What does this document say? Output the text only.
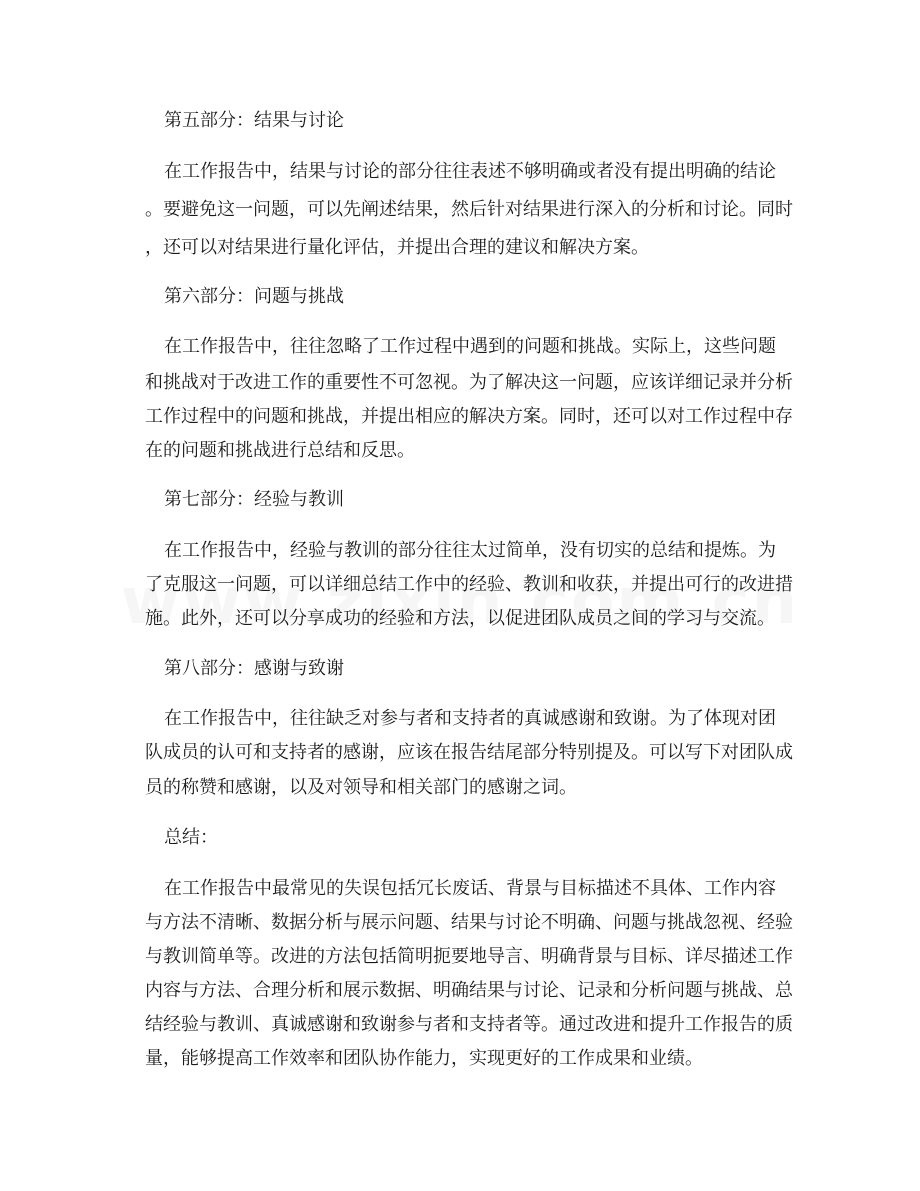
第五部分：结果与讨论
在工作报告中，结果与讨论的部分往往表述不够明确或者没有提出明确的结论
。要避免这一问题，可以先阐述结果，然后针对结果进行深入的分析和讨论。同时
，还可以对结果进行量化评估，并提出合理的建议和解决方案。
第六部分：问题与挑战
在工作报告中，往往忽略了工作过程中遇到的问题和挑战。实际上，这些问题
和挑战对于改进工作的重要性不可忽视。为了解决这一问题，应该详细记录并分析
工作过程中的问题和挑战，并提出相应的解决方案。同时，还可以对工作过程中存
在的问题和挑战进行总结和反思。
第七部分：经验与教训
在工作报告中，经验与教训的部分往往太过简单，没有切实的总结和提炼。为
了克服这一问题，可以详细总结工作中的经验、教训和收获，并提出可行的改进措
施。此外，还可以分享成功的经验和方法，以促进团队成员之间的学习与交流。
第八部分：感谢与致谢
在工作报告中，往往缺乏对参与者和支持者的真诚感谢和致谢。为了体现对团
队成员的认可和支持者的感谢，应该在报告结尾部分特别提及。可以写下对团队成
员的称赞和感谢，以及对领导和相关部门的感谢之词。
总结：
在工作报告中最常见的失误包括冗长废话、背景与目标描述不具体、工作内容
与方法不清晰、数据分析与展示问题、结果与讨论不明确、问题与挑战忽视、经验
与教训简单等。改进的方法包括简明扼要地导言、明确背景与目标、详尽描述工作
内容与方法、合理分析和展示数据、明确结果与讨论、记录和分析问题与挑战、总
结经验与教训、真诚感谢和致谢参与者和支持者等。通过改进和提升工作报告的质
量，能够提高工作效率和团队协作能力，实现更好的工作成果和业绩。
